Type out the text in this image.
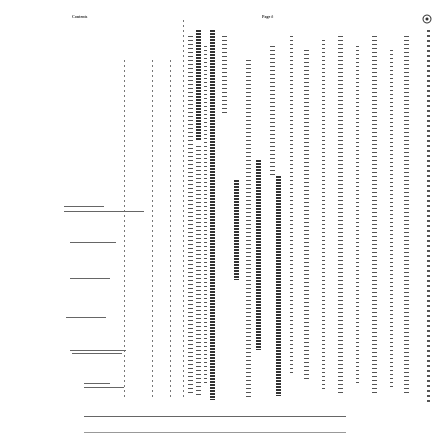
Contents	Page #
